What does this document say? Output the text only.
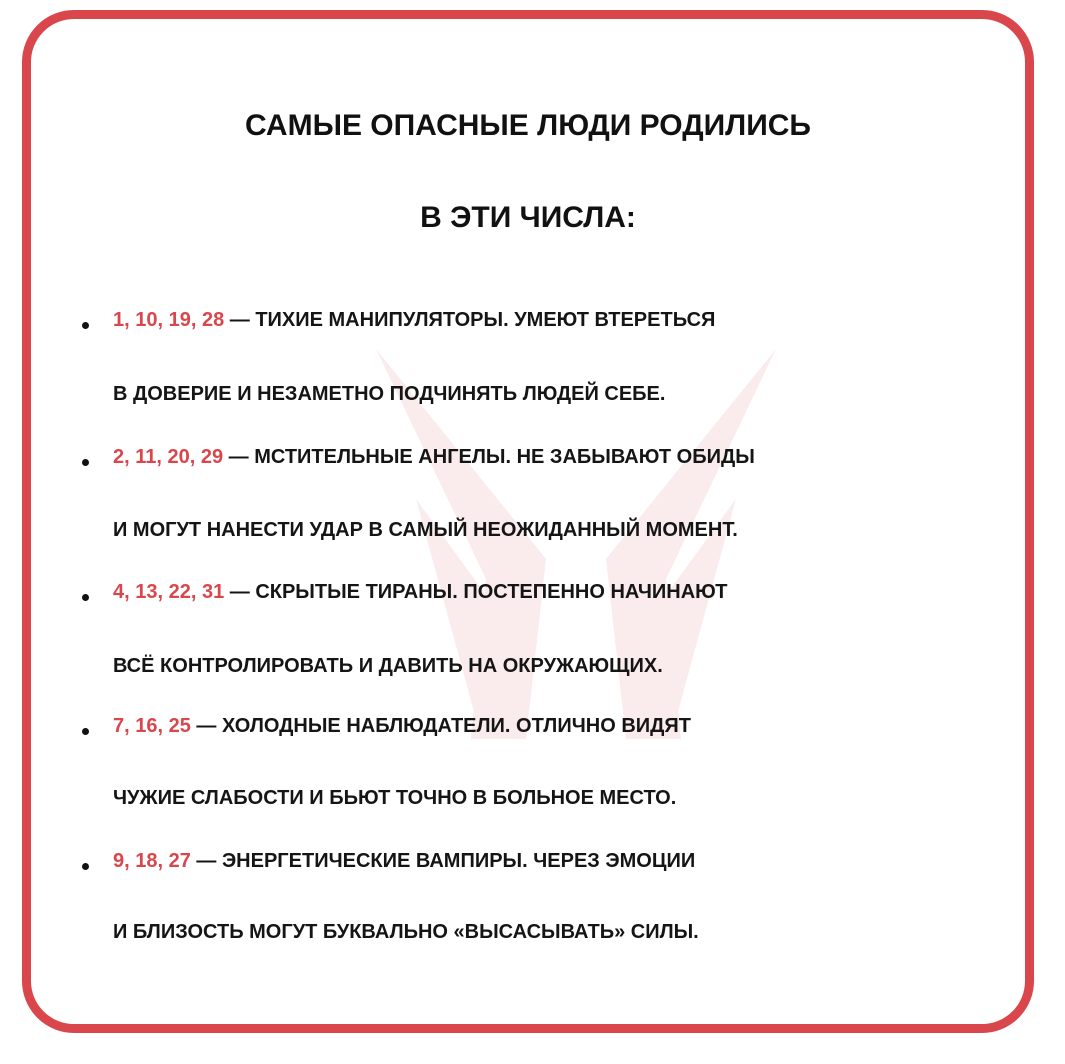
САМЫЕ ОПАСНЫЕ ЛЮДИ РОДИЛИСЬ
В ЭТИ ЧИСЛА:
1, 10, 19, 28 — ТИХИЕ МАНИПУЛЯТОРЫ. УМЕЮТ ВТЕРЕТЬСЯ
В ДОВЕРИЕ И НЕЗАМЕТНО ПОДЧИНЯТЬ ЛЮДЕЙ СЕБЕ.
2, 11, 20, 29 — МСТИТЕЛЬНЫЕ АНГЕЛЫ. НЕ ЗАБЫВАЮТ ОБИДЫ
И МОГУТ НАНЕСТИ УДАР В САМЫЙ НЕОЖИДАННЫЙ МОМЕНТ.
4, 13, 22, 31 — СКРЫТЫЕ ТИРАНЫ. ПОСТЕПЕННО НАЧИНАЮТ
ВСЁ КОНТРОЛИРОВАТЬ И ДАВИТЬ НА ОКРУЖАЮЩИХ.
7, 16, 25 — ХОЛОДНЫЕ НАБЛЮДАТЕЛИ. ОТЛИЧНО ВИДЯТ
ЧУЖИЕ СЛАБОСТИ И БЬЮТ ТОЧНО В БОЛЬНОЕ МЕСТО.
9, 18, 27 — ЭНЕРГЕТИЧЕСКИЕ ВАМПИРЫ. ЧЕРЕЗ ЭМОЦИИ
И БЛИЗОСТЬ МОГУТ БУКВАЛЬНО «ВЫСАСЫВАТЬ» СИЛЫ.
